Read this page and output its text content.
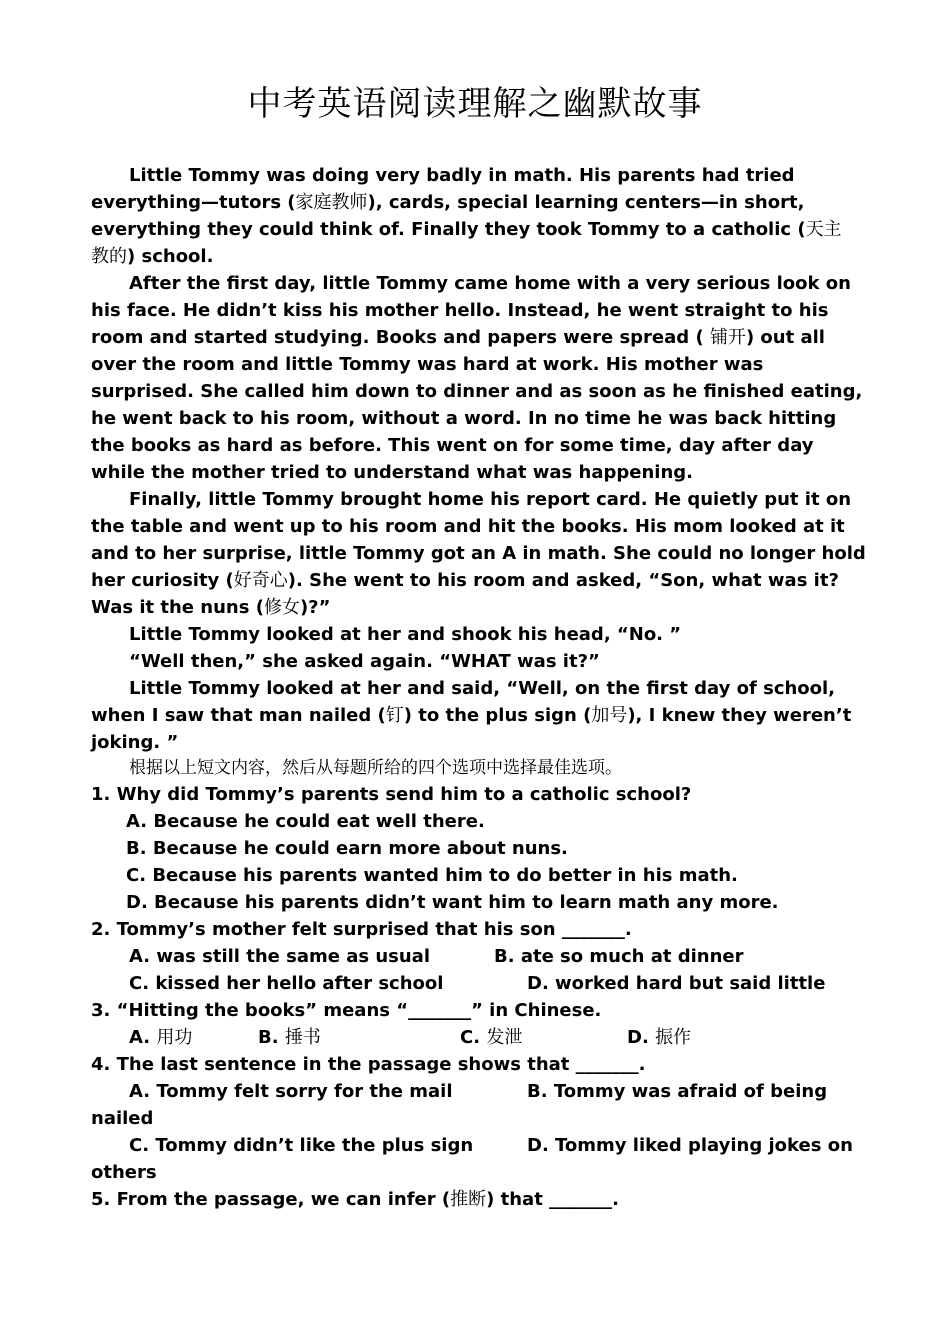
中考英语阅读理解之幽默故事
Little Tommy was doing very badly in math. His parents had tried
everything—tutors (家庭教师), cards, special learning centers—in short,
everything they could think of. Finally they took Tommy to a catholic (天主
教的) school.
After the first day, little Tommy came home with a very serious look on
his face. He didn’t kiss his mother hello. Instead, he went straight to his
room and started studying. Books and papers were spread ( 铺开) out all
over the room and little Tommy was hard at work. His mother was
surprised. She called him down to dinner and as soon as he finished eating,
he went back to his room, without a word. In no time he was back hitting
the books as hard as before. This went on for some time, day after day
while the mother tried to understand what was happening.
Finally, little Tommy brought home his report card. He quietly put it on
the table and went up to his room and hit the books. His mom looked at it
and to her surprise, little Tommy got an A in math. She could no longer hold
her curiosity (好奇心). She went to his room and asked, “Son, what was it?
Was it the nuns (修女)?”
Little Tommy looked at her and shook his head, “No. ”
“Well then,” she asked again. “WHAT was it?”
Little Tommy looked at her and said, “Well, on the first day of school,
when I saw that man nailed (钉) to the plus sign (加号), I knew they weren’t
joking. ”
根据以上短文内容，然后从每题所给的四个选项中选择最佳选项。
1. Why did Tommy’s parents send him to a catholic school?
A. Because he could eat well there.
B. Because he could earn more about nuns.
C. Because his parents wanted him to do better in his math.
D. Because his parents didn’t want him to learn math any more.
2. Tommy’s mother felt surprised that his son _______.
A. was still the same as usual	B. ate so much at dinner
C. kissed her hello after school	D. worked hard but said little
3. “Hitting the books” means “_______” in Chinese.
A. 用功	B. 捶书	C. 发泄	D. 振作
4. The last sentence in the passage shows that _______.
A. Tommy felt sorry for the mail	B. Tommy was afraid of being
nailed
C. Tommy didn’t like the plus sign	D. Tommy liked playing jokes on
others
5. From the passage, we can infer (推断) that _______.
